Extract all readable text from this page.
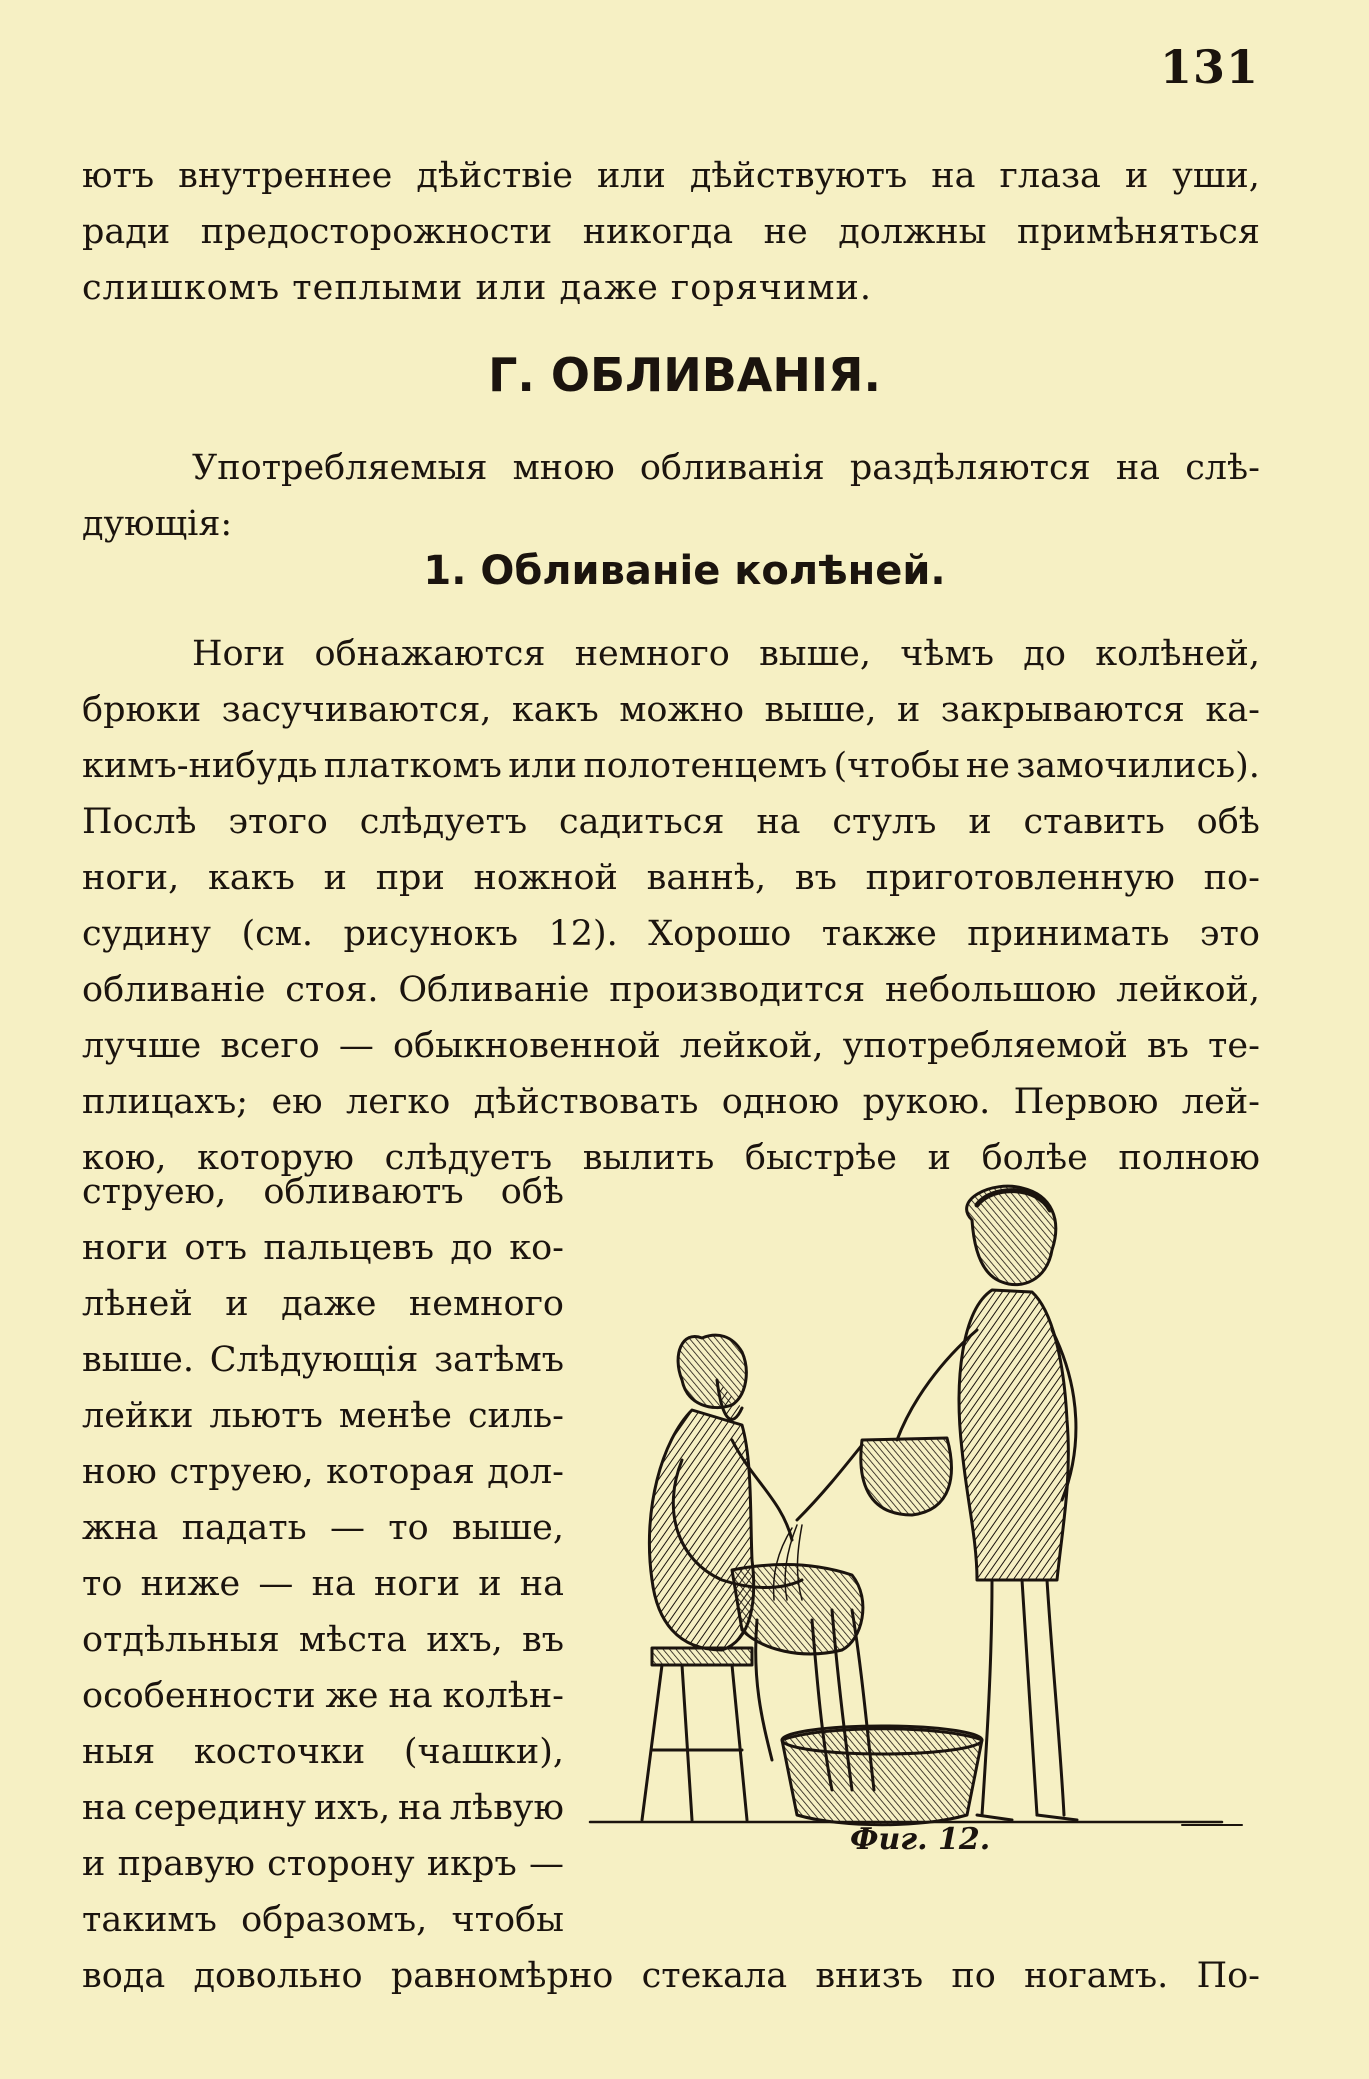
131
ютъ внутреннее дѣйствіе или дѣйствуютъ на глаза и уши,
ради предосторожности никогда не должны примѣняться
слишкомъ теплыми или даже горячими.
Г. ОБЛИВАНІЯ.
Употребляемыя мною обливанія раздѣляются на слѣ-
дующія:
1. Обливаніе колѣней.
Ноги обнажаются немного выше, чѣмъ до колѣней,
брюки засучиваются, какъ можно выше, и закрываются ка-
кимъ-нибудь платкомъ или полотенцемъ (чтобы не замочились).
Послѣ этого слѣдуетъ садиться на стулъ и ставить обѣ
ноги, какъ и при ножной ваннѣ, въ приготовленную по-
судину (см. рисунокъ 12). Хорошо также принимать это
обливаніе стоя. Обливаніе производится небольшою лейкой,
лучше всего — обыкновенной лейкой, употребляемой въ те-
плицахъ; ею легко дѣйствовать одною рукою. Первою лей-
кою, которую слѣдуетъ вылить быстрѣе и болѣе полною
струею, обливаютъ обѣ
ноги отъ пальцевъ до ко-
лѣней и даже немного
выше. Слѣдующія затѣмъ
лейки льютъ менѣе силь-
ною струею, которая дол-
жна падать — то выше,
то ниже — на ноги и на
отдѣльныя мѣста ихъ, въ
особенности же на колѣн-
ныя косточки (чашки),
на середину ихъ, на лѣвую
и правую сторону икръ —
такимъ образомъ, чтобы
вода довольно равномѣрно стекала внизъ по ногамъ. По-
Фиг. 12.
